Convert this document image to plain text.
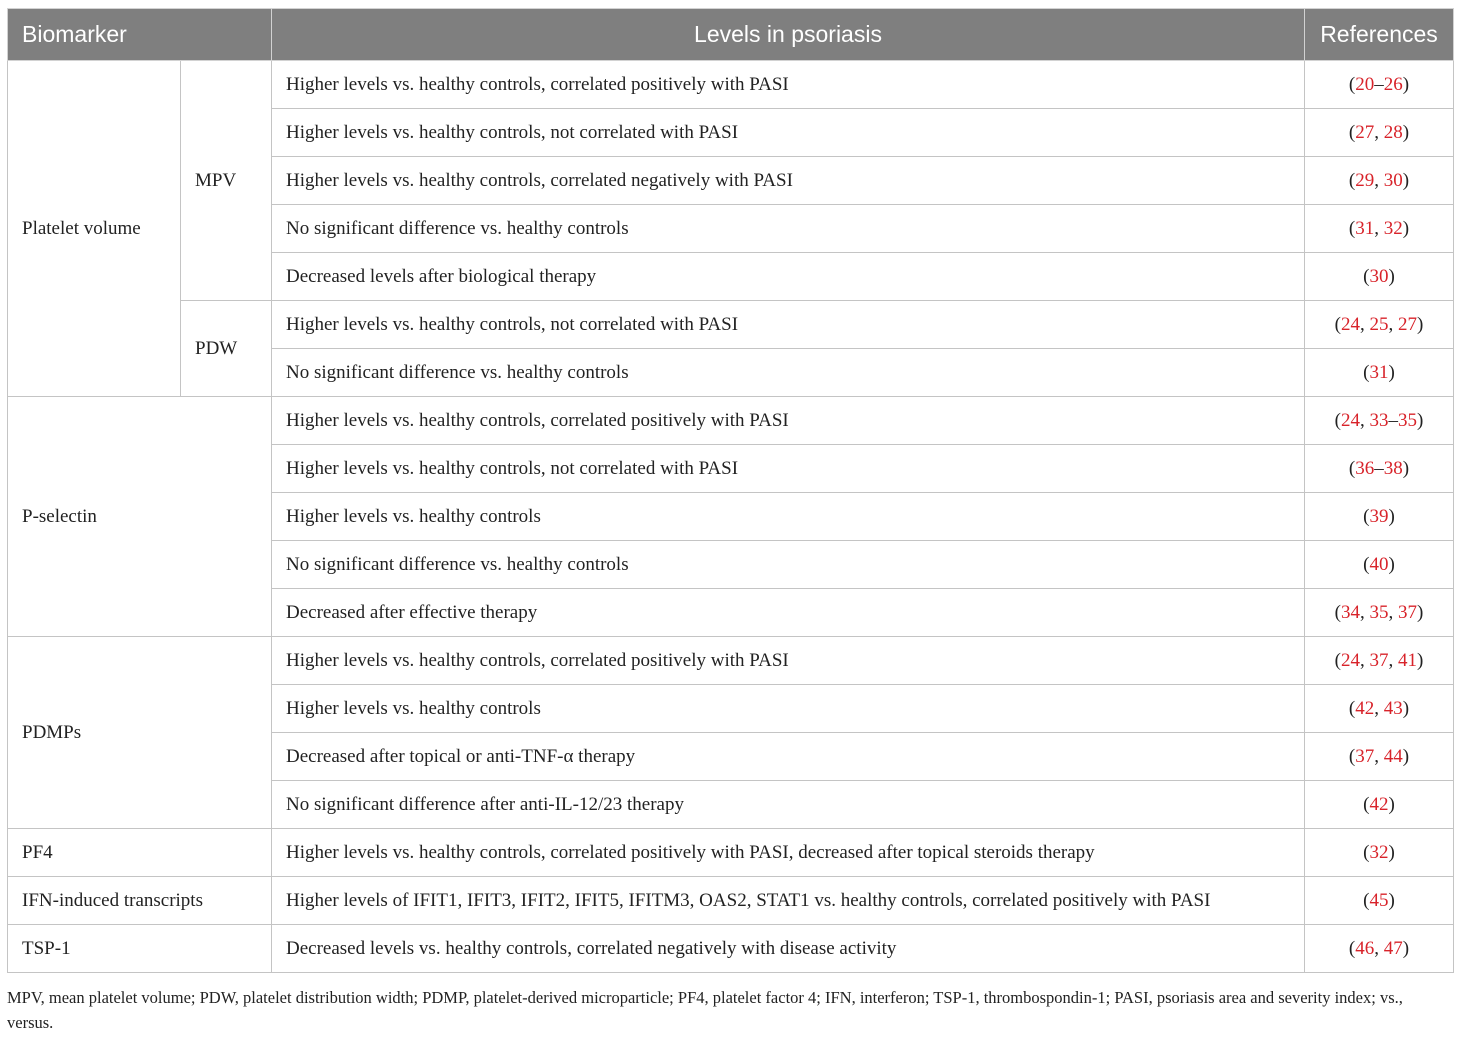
Biomarker		Levels in psoriasis	References
Platelet volume	MPV	Higher levels vs. healthy controls, correlated positively with PASI	(20–26)
		Higher levels vs. healthy controls, not correlated with PASI	(27, 28)
		Higher levels vs. healthy controls, correlated negatively with PASI	(29, 30)
		No significant difference vs. healthy controls	(31, 32)
		Decreased levels after biological therapy	(30)
	PDW	Higher levels vs. healthy controls, not correlated with PASI	(24, 25, 27)
		No significant difference vs. healthy controls	(31)
P-selectin		Higher levels vs. healthy controls, correlated positively with PASI	(24, 33–35)
		Higher levels vs. healthy controls, not correlated with PASI	(36–38)
		Higher levels vs. healthy controls	(39)
		No significant difference vs. healthy controls	(40)
		Decreased after effective therapy	(34, 35, 37)
PDMPs		Higher levels vs. healthy controls, correlated positively with PASI	(24, 37, 41)
		Higher levels vs. healthy controls	(42, 43)
		Decreased after topical or anti-TNF-α therapy	(37, 44)
		No significant difference after anti-IL-12/23 therapy	(42)
PF4		Higher levels vs. healthy controls, correlated positively with PASI, decreased after topical steroids therapy	(32)
IFN-induced transcripts		Higher levels of IFIT1, IFIT3, IFIT2, IFIT5, IFITM3, OAS2, STAT1 vs. healthy controls, correlated positively with PASI	(45)
TSP-1		Decreased levels vs. healthy controls, correlated negatively with disease activity	(46, 47)

MPV, mean platelet volume; PDW, platelet distribution width; PDMP, platelet-derived microparticle; PF4, platelet factor 4; IFN, interferon; TSP-1, thrombospondin-1; PASI, psoriasis area and severity index; vs., versus.
